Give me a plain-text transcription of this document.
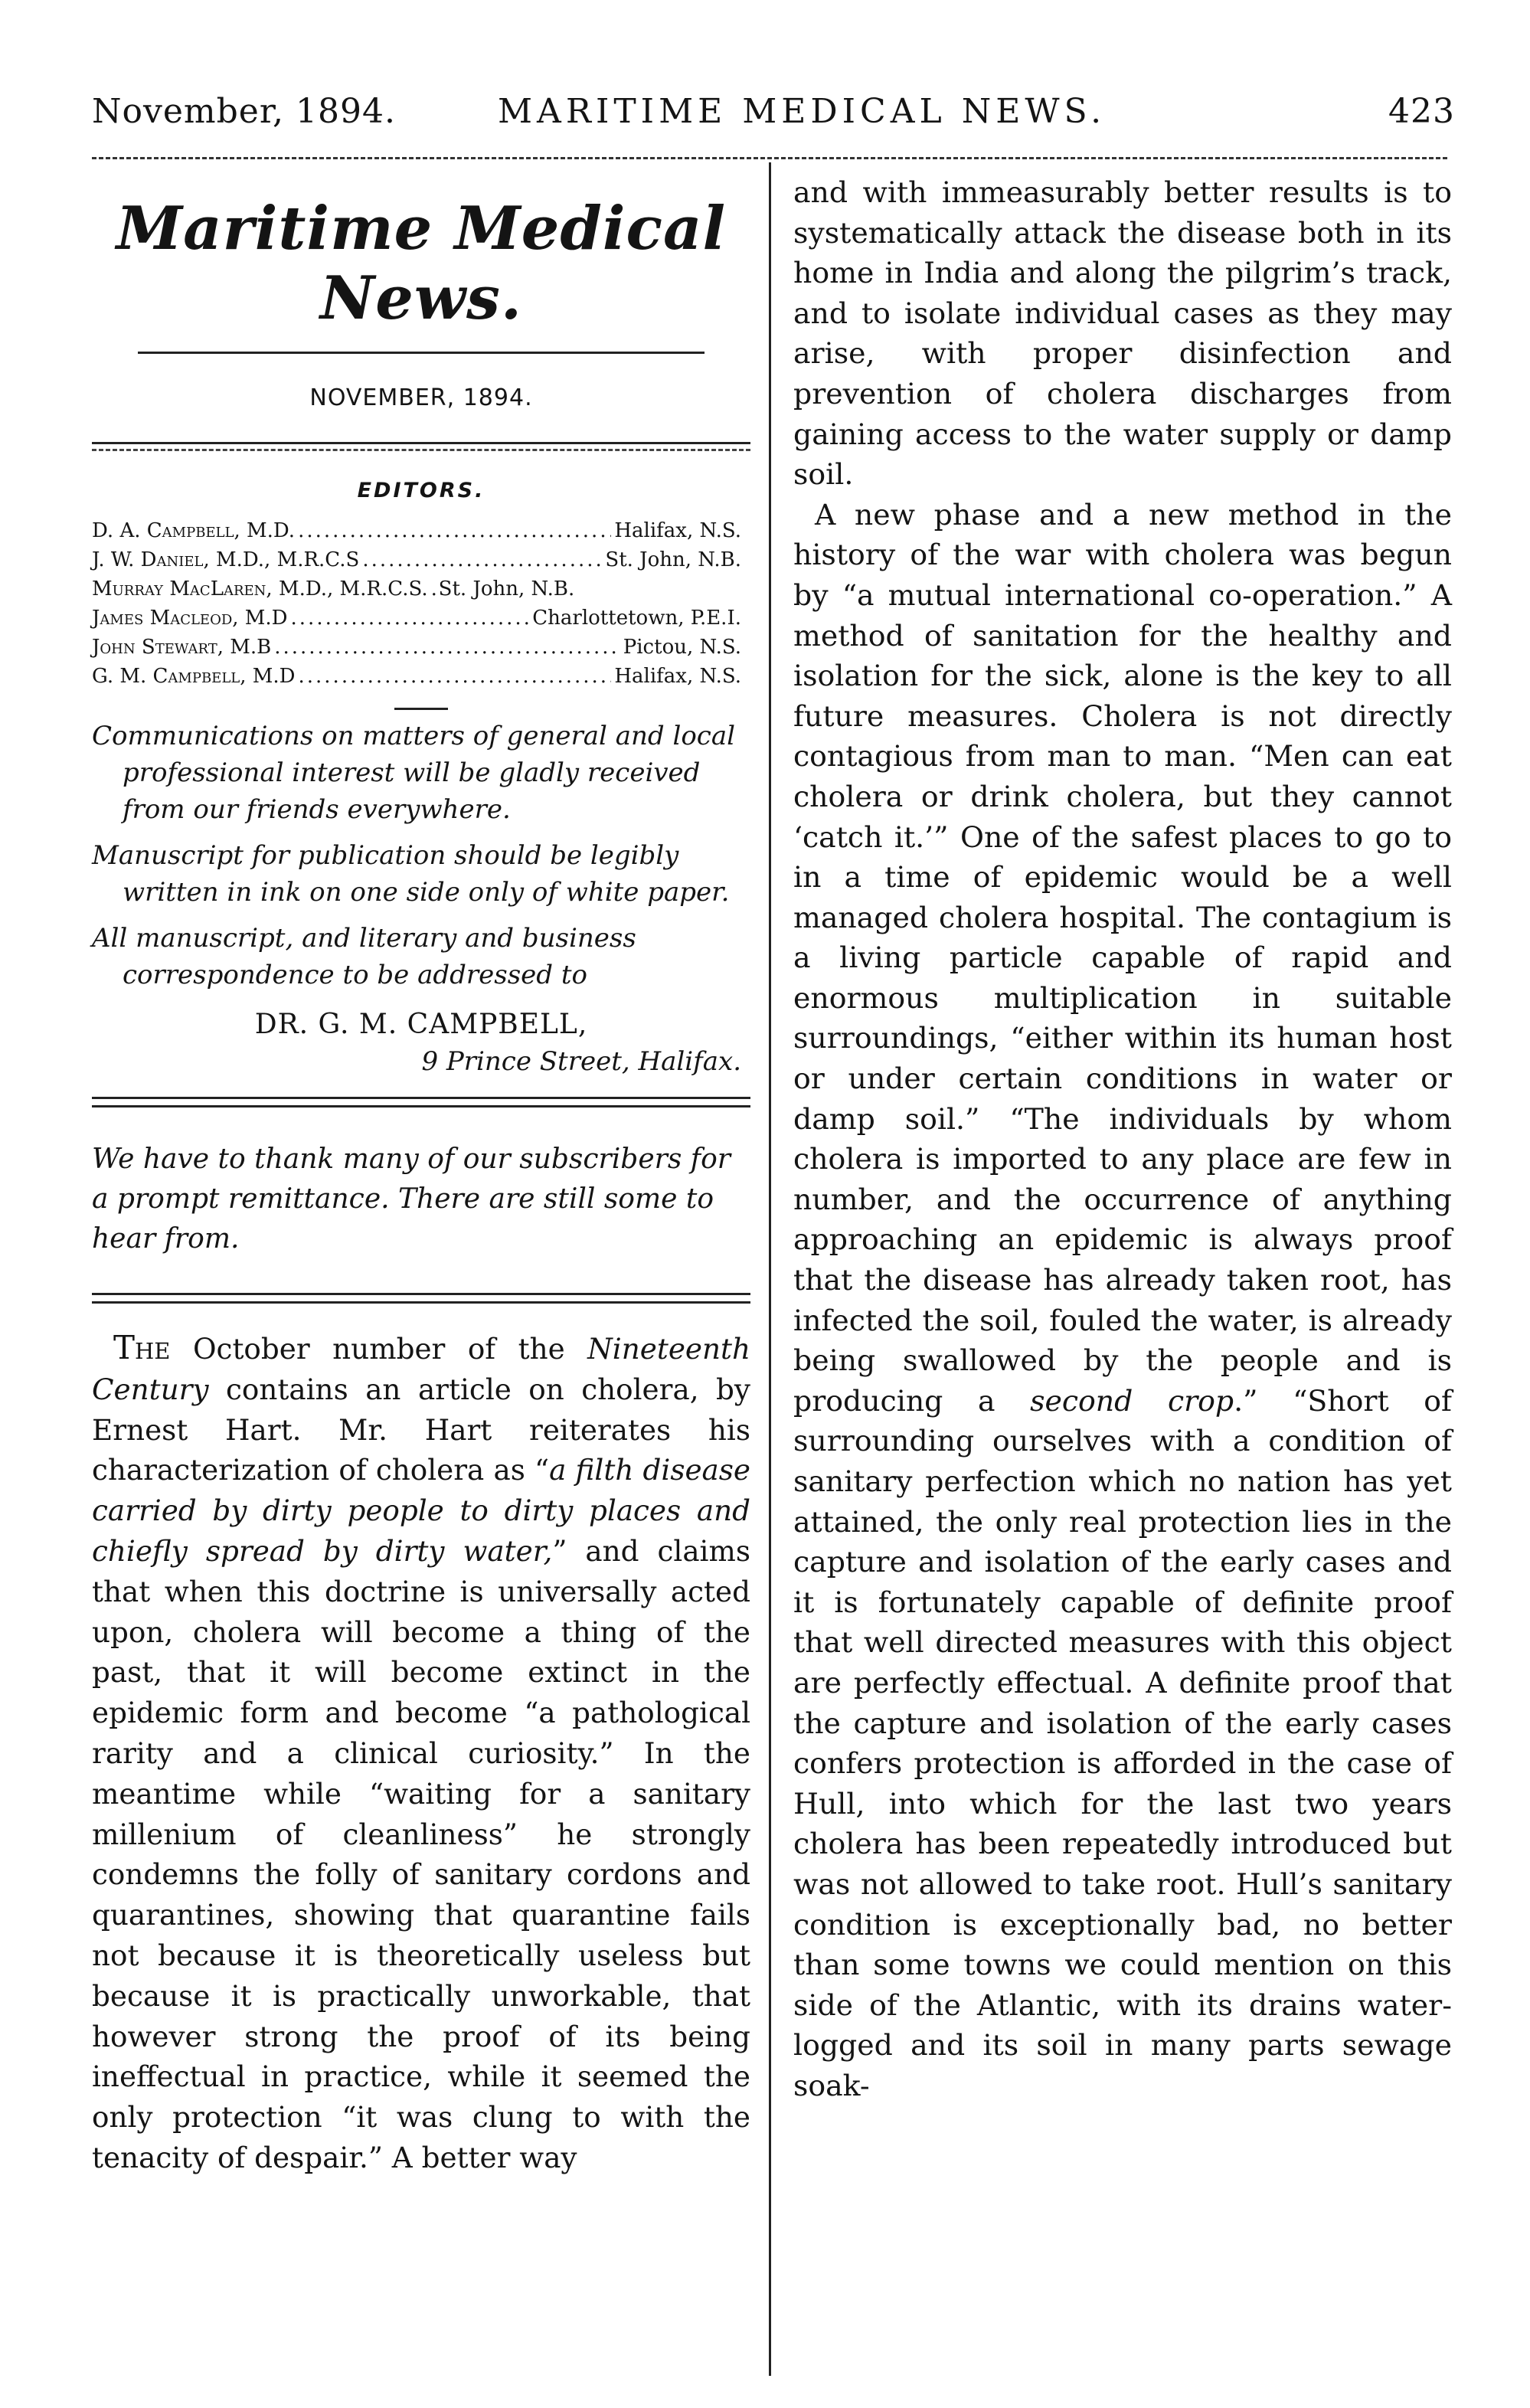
November, 1894.	MARITIME MEDICAL NEWS.	423
Maritime Medical News.
NOVEMBER, 1894.
EDITORS.
D. A. Campbell, M.D. .....	Halifax, N.S.
J. W. Daniel, M.D., M.R.C.S .....	St. John, N.B.
Murray MacLaren, M.D., M.R.C.S. ..... St. John, N.B.
James Macleod, M.D .....	Charlottetown, P.E.I.
John Stewart, M.B .....	Pictou, N.S.
G. M. Campbell, M.D .....	Halifax, N.S.

Communications on matters of general and local professional interest will be gladly received from our friends everywhere.

Manuscript for publication should be legibly written in ink on one side only of white paper.

All manuscript, and literary and business correspondence to be addressed to

DR. G. M. CAMPBELL,
9 Prince Street, Halifax.

We have to thank many of our subscribers for a prompt remittance. There are still some to hear from.

The October number of the Nineteenth Century contains an article on cholera, by Ernest Hart. Mr. Hart reiterates his characterization of cholera as “a filth disease carried by dirty people to dirty places and chiefly spread by dirty water,” and claims that when this doctrine is universally acted upon, cholera will become a thing of the past, that it will become extinct in the epidemic form and become “a pathological rarity and a clinical curiosity.” In the meantime while “waiting for a sanitary millenium of cleanliness” he strongly condemns the folly of sanitary cordons and quarantines, showing that quarantine fails not because it is theoretically useless but because it is practically unworkable, that however strong the proof of its being ineffectual in practice, while it seemed the only protection “it was clung to with the tenacity of despair.” A better way

and with immeasurably better results is to systematically attack the disease both in its home in India and along the pilgrim’s track, and to isolate individual cases as they may arise, with proper disinfection and prevention of cholera discharges from gaining access to the water supply or damp soil.

A new phase and a new method in the history of the war with cholera was begun by “a mutual international co-operation.” A method of sanitation for the healthy and isolation for the sick, alone is the key to all future measures. Cholera is not directly contagious from man to man. “Men can eat cholera or drink cholera, but they cannot ‘catch it.’” One of the safest places to go to in a time of epidemic would be a well managed cholera hospital. The contagium is a living particle capable of rapid and enormous multiplication in suitable surroundings, “either within its human host or under certain conditions in water or damp soil.” “The individuals by whom cholera is imported to any place are few in number, and the occurrence of anything approaching an epidemic is always proof that the disease has already taken root, has infected the soil, fouled the water, is already being swallowed by the people and is producing a second crop.” “Short of surrounding ourselves with a condition of sanitary perfection which no nation has yet attained, the only real protection lies in the capture and isolation of the early cases and it is fortunately capable of definite proof that well directed measures with this object are perfectly effectual. A definite proof that the capture and isolation of the early cases confers protection is afforded in the case of Hull, into which for the last two years cholera has been repeatedly introduced but was not allowed to take root. Hull’s sanitary condition is exceptionally bad, no better than some towns we could mention on this side of the Atlantic, with its drains water-logged and its soil in many parts sewage soak-
